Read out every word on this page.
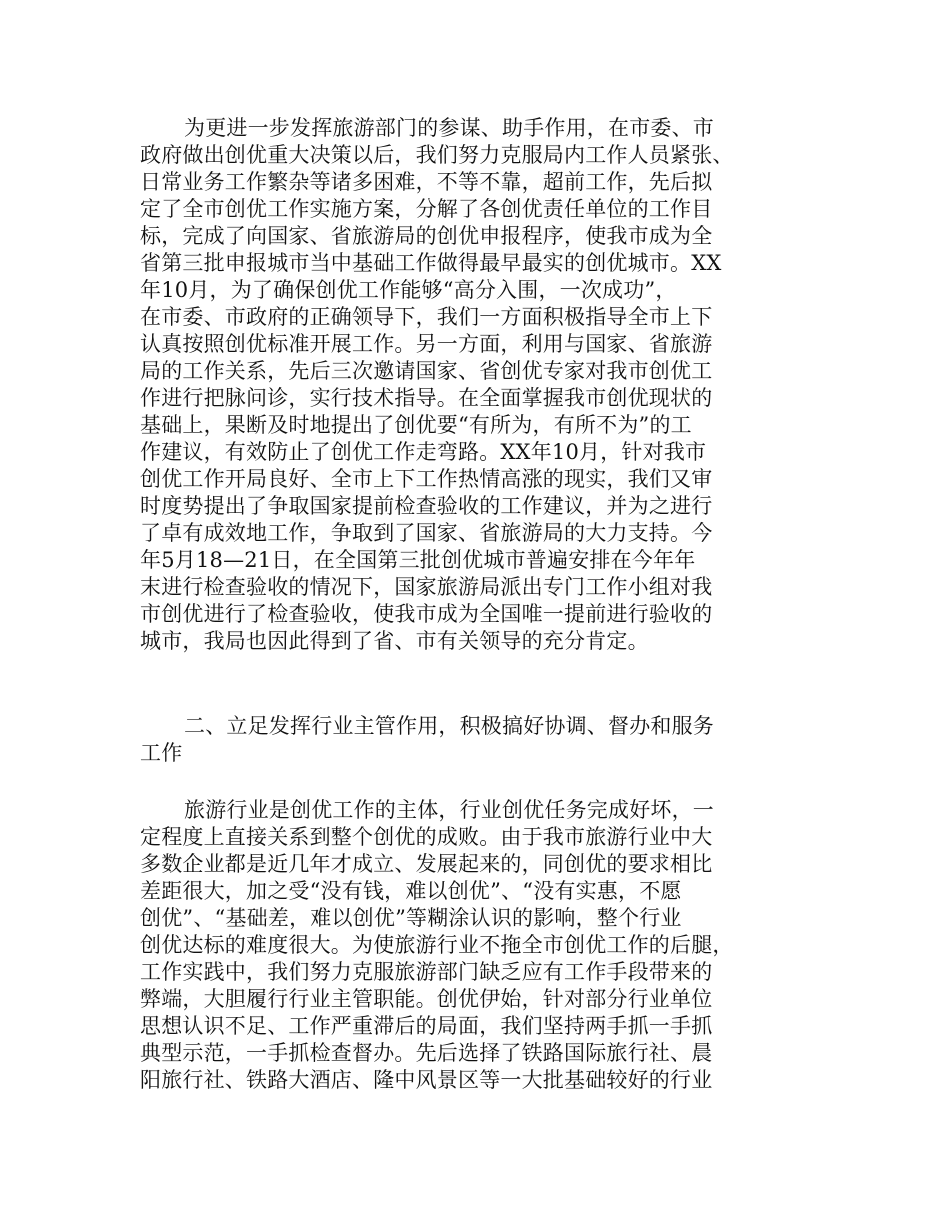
为更进一步发挥旅游部门的参谋、助手作用，在市委、市
政府做出创优重大决策以后，我们努力克服局内工作人员紧张、
日常业务工作繁杂等诸多困难，不等不靠，超前工作，先后拟
定了全市创优工作实施方案，分解了各创优责任单位的工作目
标，完成了向国家、省旅游局的创优申报程序，使我市成为全
省第三批申报城市当中基础工作做得最早最实的创优城市。XX
年10月，为了确保创优工作能够“高分入围，一次成功”，
在市委、市政府的正确领导下，我们一方面积极指导全市上下
认真按照创优标准开展工作。另一方面，利用与国家、省旅游
局的工作关系，先后三次邀请国家、省创优专家对我市创优工
作进行把脉问诊，实行技术指导。在全面掌握我市创优现状的
基础上，果断及时地提出了创优要“有所为，有所不为”的工
作建议，有效防止了创优工作走弯路。XX年10月，针对我市
创优工作开局良好、全市上下工作热情高涨的现实，我们又审
时度势提出了争取国家提前检查验收的工作建议，并为之进行
了卓有成效地工作，争取到了国家、省旅游局的大力支持。今
年5月18—21日，在全国第三批创优城市普遍安排在今年年
末进行检查验收的情况下，国家旅游局派出专门工作小组对我
市创优进行了检查验收，使我市成为全国唯一提前进行验收的
城市，我局也因此得到了省、市有关领导的充分肯定。
二、立足发挥行业主管作用，积极搞好协调、督办和服务
工作
旅游行业是创优工作的主体，行业创优任务完成好坏，一
定程度上直接关系到整个创优的成败。由于我市旅游行业中大
多数企业都是近几年才成立、发展起来的，同创优的要求相比
差距很大，加之受“没有钱，难以创优”、“没有实惠，不愿
创优”、“基础差，难以创优”等糊涂认识的影响，整个行业
创优达标的难度很大。为使旅游行业不拖全市创优工作的后腿，
工作实践中，我们努力克服旅游部门缺乏应有工作手段带来的
弊端，大胆履行行业主管职能。创优伊始，针对部分行业单位
思想认识不足、工作严重滞后的局面，我们坚持两手抓一手抓
典型示范，一手抓检查督办。先后选择了铁路国际旅行社、晨
阳旅行社、铁路大酒店、隆中风景区等一大批基础较好的行业
